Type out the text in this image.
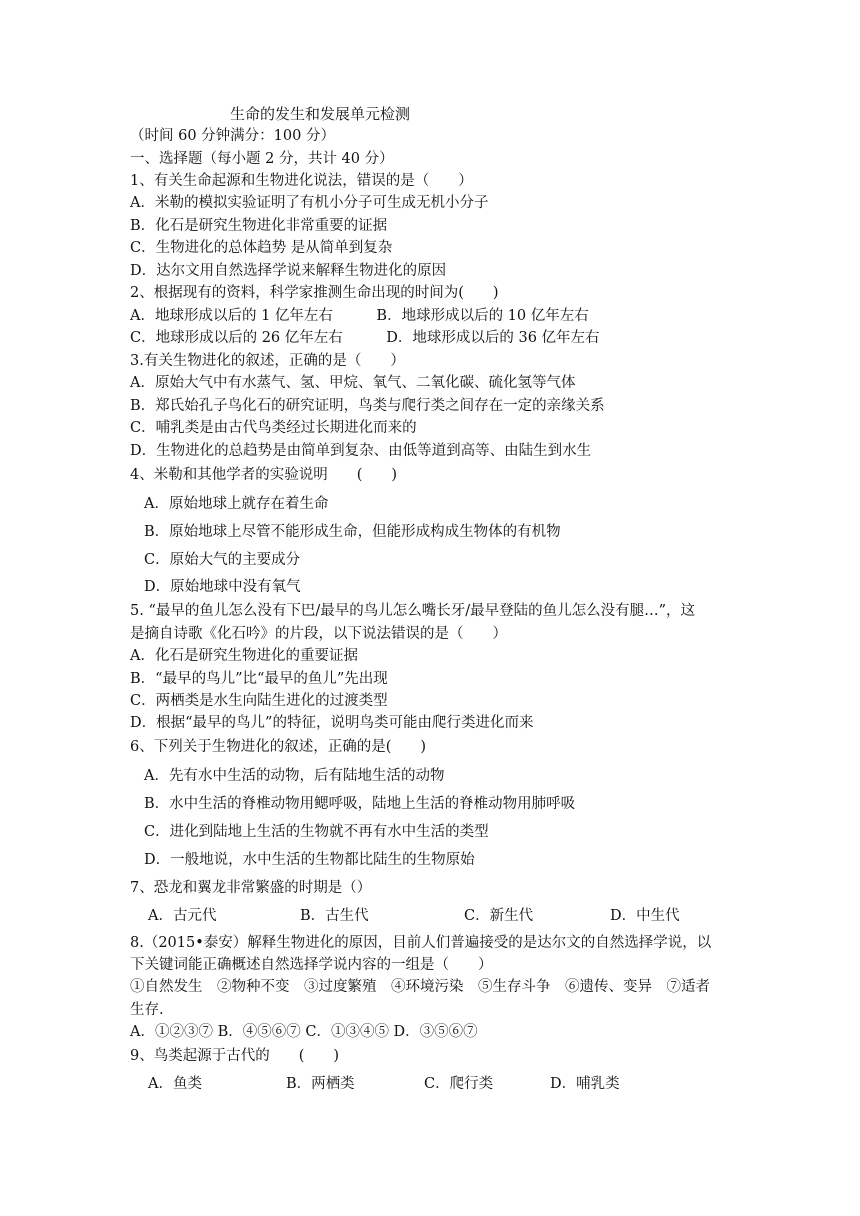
生命的发生和发展单元检测
（时间 60 分钟满分：100 分）
一、选择题（每小题 2 分，共计 40 分）
1、有关生命起源和生物进化说法，错误的是（　　）
A．米勒的模拟实验证明了有机小分子可生成无机小分子
B．化石是研究生物进化非常重要的证据
C．生物进化的总体趋势 是从简单到复杂
D．达尔文用自然选择学说来解释生物进化的原因
2、根据现有的资料，科学家推测生命出现的时间为(　　)
A．地球形成以后的 1 亿年左右　　　B．地球形成以后的 10 亿年左右
C．地球形成以后的 26 亿年左右　　　D．地球形成以后的 36 亿年左右
3.有关生物进化的叙述，正确的是（　　）
A．原始大气中有水蒸气、氢、甲烷、氧气、二氧化碳、硫化氢等气体
B．郑氏始孔子鸟化石的研究证明，鸟类与爬行类之间存在一定的亲缘关系
C．哺乳类是由古代鸟类经过长期进化而来的
D．生物进化的总趋势是由简单到复杂、由低等道到高等、由陆生到水生
4、米勒和其他学者的实验说明　　(　　)
A．原始地球上就存在着生命
B．原始地球上尽管不能形成生命，但能形成构成生物体的有机物
C．原始大气的主要成分
D．原始地球中没有氧气
5. “最早的鱼儿怎么没有下巴/最早的鸟儿怎么嘴长牙/最早登陆的鱼儿怎么没有腿…”，这
是摘自诗歌《化石吟》的片段，以下说法错误的是（　　）
A．化石是研究生物进化的重要证据
B．“最早的鸟儿”比“最早的鱼儿”先出现
C．两栖类是水生向陆生进化的过渡类型
D．根据“最早的鸟儿”的特征，说明鸟类可能由爬行类进化而来
6、下列关于生物进化的叙述，正确的是(　　)
A．先有水中生活的动物，后有陆地生活的动物
B．水中生活的脊椎动物用鳃呼吸，陆地上生活的脊椎动物用肺呼吸
C．进化到陆地上生活的生物就不再有水中生活的类型
D．一般地说，水中生活的生物都比陆生的生物原始
7、恐龙和翼龙非常繁盛的时期是（）
A．古元代	B．古生代	C．新生代	D．中生代
8.（2015•泰安）解释生物进化的原因，目前人们普遍接受的是达尔文的自然选择学说，以
下关键词能正确概述自然选择学说内容的一组是（　　）
①自然发生　②物种不变　③过度繁殖　④环境污染　⑤生存斗争　⑥遗传、变异　⑦适者
生存.
A．①②③⑦ B．④⑤⑥⑦ C．①③④⑤ D．③⑤⑥⑦
9、鸟类起源于古代的　　(　　)
A．鱼类	B．两栖类	C．爬行类	D．哺乳类
